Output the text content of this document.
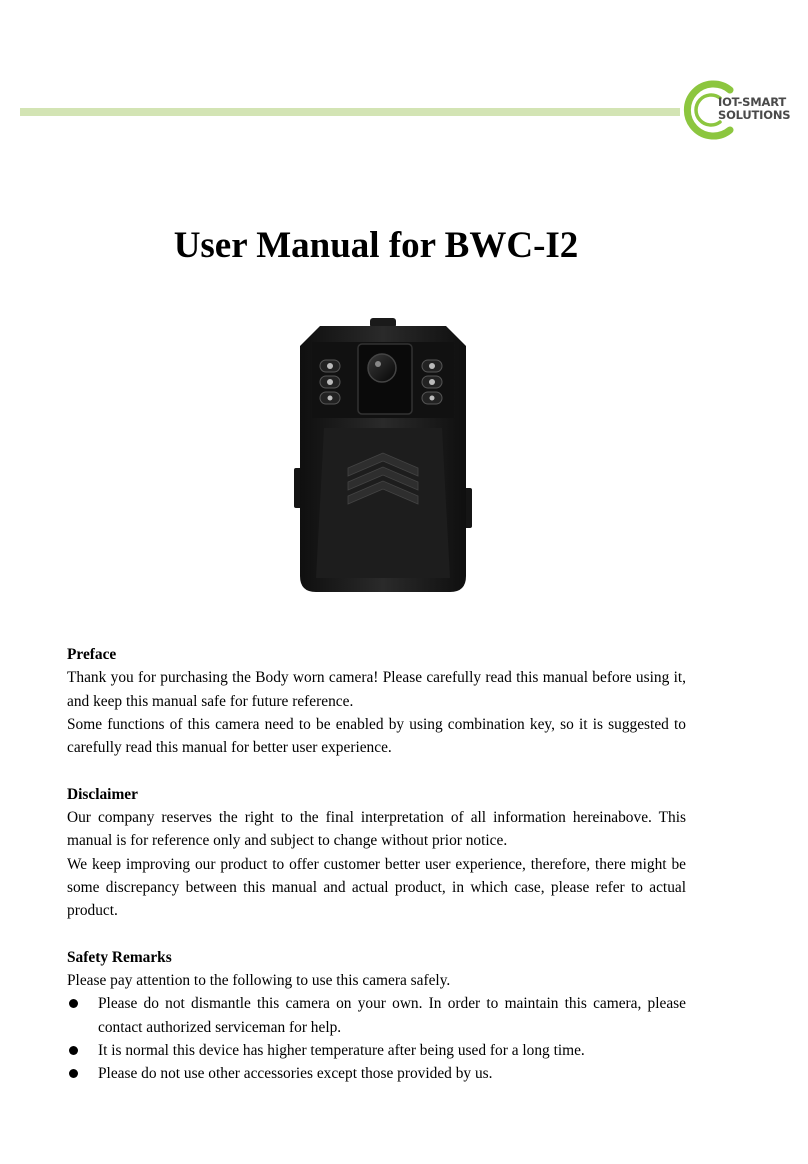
IOT-SMART
SOLUTIONS
User Manual for BWC-I2
Preface

Thank you for purchasing the Body worn camera! Please carefully read this manual before using it, and keep this manual safe for future reference.

Some functions of this camera need to be enabled by using combination key, so it is suggested to carefully read this manual for better user experience.

Disclaimer

Our company reserves the right to the final interpretation of all information hereinabove. This manual is for reference only and subject to change without prior notice.

We keep improving our product to offer customer better user experience, therefore, there might be some discrepancy between this manual and actual product, in which case, please refer to actual product.

Safety Remarks

Please pay attention to the following to use this camera safely.

Please do not dismantle this camera on your own. In order to maintain this camera, please contact authorized serviceman for help.
It is normal this device has higher temperature after being used for a long time.
Please do not use other accessories except those provided by us.
